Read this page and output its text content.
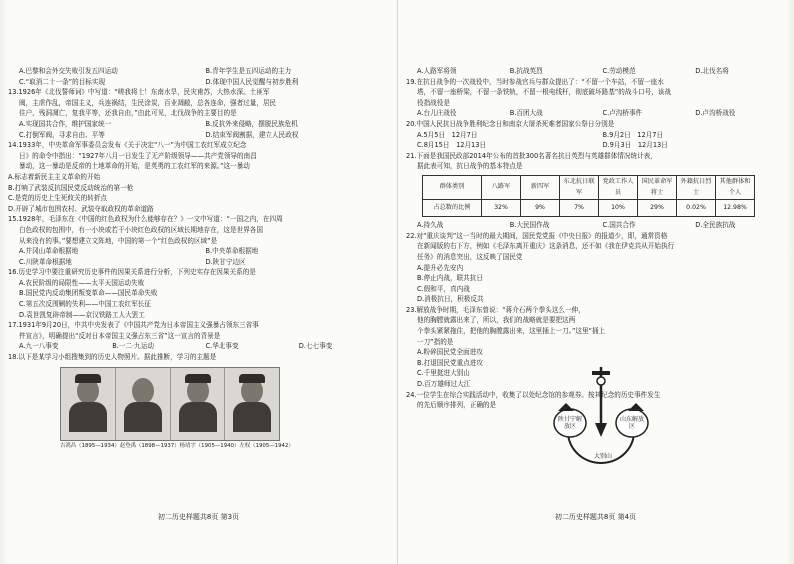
A.巴黎和会外交失败引发五四运动	B.青年学生是五四运动的主力
C.“取消二十一条”的目标实现	D.体现中国人民觉醒与初步胜利
13.1926年《北伐誓师词》中写道：“嗟我将士！东南水旱，民灾甫苏，大热水深。土匪军
阀，主虐作乱，帝国主义，兵连祸结，生民涂炭，百业凋敝，总各连命，强者过量，居民
住户，残洞凋亡，复我平等，还我自由，”由此可见，北伐战争的主要目的是
A.实现国共合作，维护国家统一	B.反抗外来侵略，摆脱民族危机
C.打倒军阀，寻求自由、平等	D.结束军阀割据，建立人民政权
14.1933年，中央革命军事委员会发布《关于决定“八一”为中国工农红军成立纪念
日》的命令中指出：“1927年八月一日发生了无产阶级领导——共产党领导的南昌
暴动，这一暴动是反帝的土地革命的开始，是英勇的工农红军的来源。”这一暴动
A.标志着新民主主义革命的开始
B.打响了武装反抗国民党反动统治的第一枪
C.是党的历史上生死攸关的转折点
D.开辟了城市包围农村、武装夺取政权的革命道路
15.1928年，毛泽东在《中国的红色政权为什么能够存在？》一文中写道：“一国之内，在四周
白色政权的包围中，有一小块或若干小块红色政权的区域长期地存在，这是世界各国
从来没有的事。”要想建立文阵地，中国的第一个“红色政权的区域”是
A.井冈山革命根据地	B.中央革命根据地
C.川陕革命根据地	D.陕甘宁边区
16.历史学习中要注重研究历史事件的因果关系进行分析，下列史实存在因果关系的是
A.农民阶级的局限性——太平天国运动失败
B.国民党内反动集团叛变革命——国民革命失败
C.第五次反围剿的失利——中国工农红军长征
D.袁世凯复辟帝制——京汉铁路工人大罢工
17.1931年9月20日，中共中央发表了《中国共产党为日本帝国主义强暴占领东三省事
件宣言》，明确提出“反对日本帝国主义强占东三省”这一宣言的背景是
A.九一八事变	B.一二·九运动	C.华北事变	D.七七事变
18.以下是某学习小组搜集到的历史人物照片。据此推断，学习的主题是
吉鸿昌（1895—1934） 赵登禹（1898—1937） 杨靖宇（1905—1940） 左权（1905—1942）
初二历史样题共8页 第3页
A.人路军将领	B.抗战英烈	C.劳动模范	D.北伐名将
19.在抗日战争的一次战役中，当时参战官兵与群众提出了：“不留一个车站，不留一座水
塔，不留一座桥梁，不留一条铁轨，不留一根电线杆，彻底破坏路基”的战斗口号，该战
役指战役是
A.台儿庄战役	B.百团大战	C.卢沟桥事件	D.卢沟桥战役
20.中国人民抗日战争胜利纪念日和南京大屠杀死难者国家公祭日分别是
A.5月5日　12月7日	B.9月2日　12月7日
C.8月15日　12月13日	D.9月3日　12月13日
21.下面是我国民政部2014年公布的首批300名著名抗日英烈与英雄群体情况统计表，
据此表可知，抗日战争的基本特点是
群体类别	八路军	新四军	东北抗日联军	党政工作人员	国民革命军将士	外籍抗日烈士	其他群体和个人
占总数的比例	32%	9%	7%	10%	29%	0.02%	12.98%
A.持久战	B.大民国作战	C.国共合作	D.全民族抗战
22.对“重庆谈判”这一当时的最大期间，国民党党报《中央日报》的报道少，即，通常资格
在新闻版的右下方，例如《毛泽东离开重庆》这条消息，还不如《我在伊克共从开始执行
任务》的消息突出，这反映了国民党
A.提升必先安内
B.停止内战，联共抗日
C.假和平，真内战
D.消极抗日，积极反共
23.解放战争时期，毛泽东曾说：“蒋介石两个拳头这么一伸，
他的胸膛就露出来了，所以，我们的战略就是要把这两
个拳头紧紧拖住，把他的胸膛露出来，这里捅上一刀。”这里“捅上
一刀”指的是
A.粉碎国民党全面进攻
B.打退国民党重点进攻
C.千里挺进大别山
D.百万雄师过大江
24.一位学生在综合实践活动中，收集了以处纪念馆的参观券。按其纪念的历史事件发生
的先后顺序排列，正确的是
陕甘宁解放区
山东解放区
大别山
初二历史样题共8页 第4页
